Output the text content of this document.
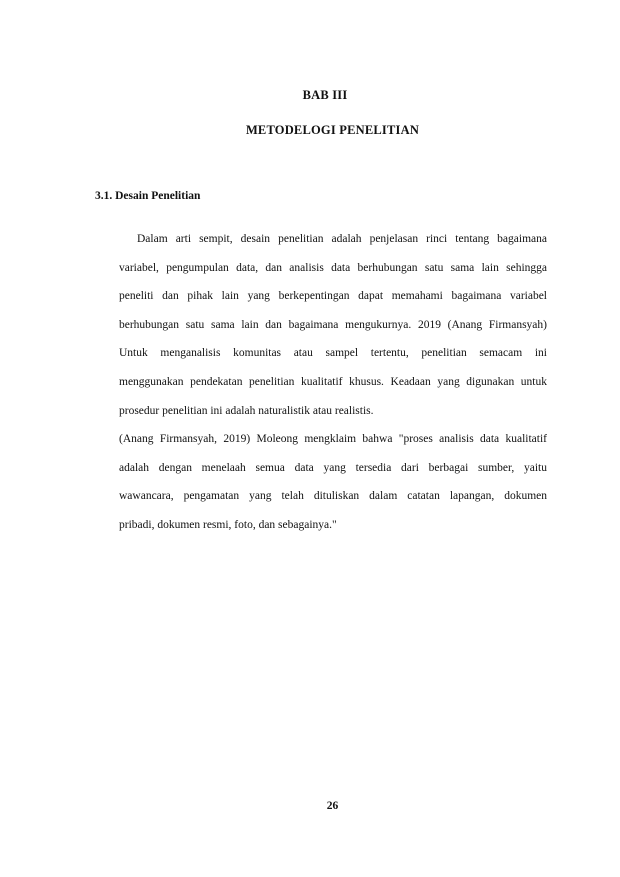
BAB III
METODELOGI PENELITIAN
3.1. Desain Penelitian
Dalam arti sempit, desain penelitian adalah penjelasan rinci tentang bagaimana
variabel, pengumpulan data, dan analisis data berhubungan satu sama lain sehingga
peneliti dan pihak lain yang berkepentingan dapat memahami bagaimana variabel
berhubungan satu sama lain dan bagaimana mengukurnya. 2019 (Anang Firmansyah)
Untuk menganalisis komunitas atau sampel tertentu, penelitian semacam ini
menggunakan pendekatan penelitian kualitatif khusus. Keadaan yang digunakan untuk
prosedur penelitian ini adalah naturalistik atau realistis.
(Anang Firmansyah, 2019) Moleong mengklaim bahwa "proses analisis data kualitatif
adalah dengan menelaah semua data yang tersedia dari berbagai sumber, yaitu
wawancara, pengamatan yang telah dituliskan dalam catatan lapangan, dokumen
pribadi, dokumen resmi, foto, dan sebagainya."
26
